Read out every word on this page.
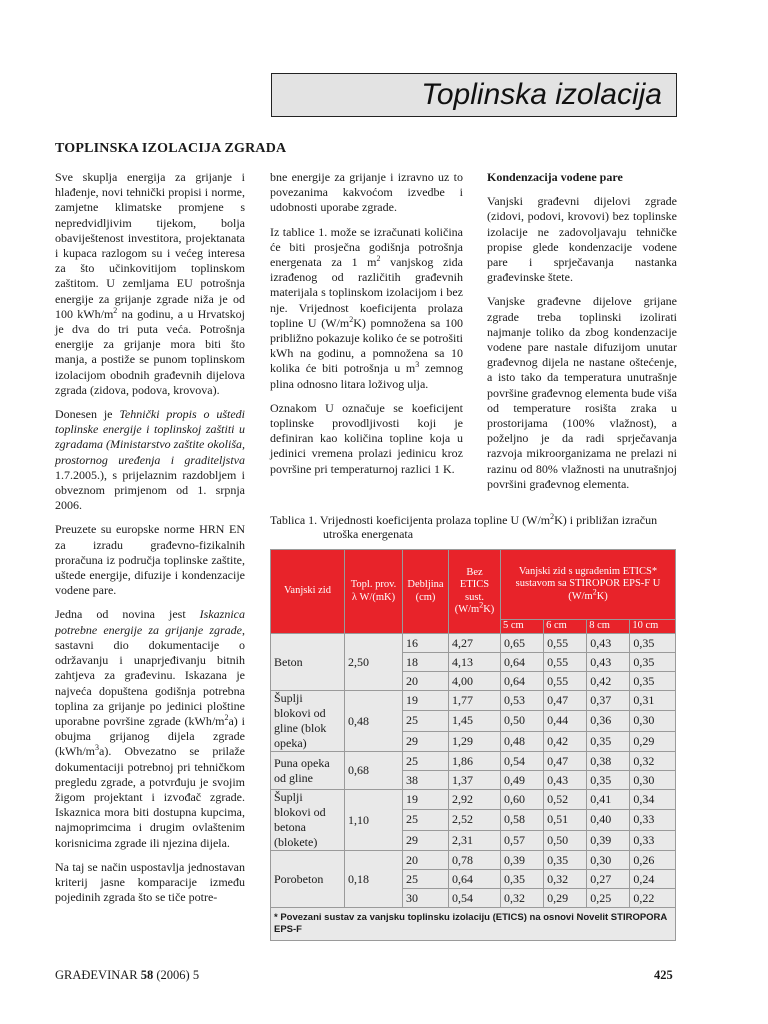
Toplinska izolacija
TOPLINSKA IZOLACIJA ZGRADA

Sve skuplja energija za grijanje i hlađenje, novi tehnički propisi i norme, zamjetne klimatske promjene s nepredvidljivim tijekom, bolja obaviještenost investitora, projektanata i kupaca razlogom su i većeg interesa za što učinkovitijom toplinskom zaštitom. U zemljama EU potrošnja energije za grijanje zgrade niža je od 100 kWh/$m^2$ na godinu, a u Hrvatskoj je dva do tri puta veća. Potrošnja energije za grijanje mora biti što manja, a postiže se punom toplinskom izolacijom obodnih građevnih dijelova zgrada (zidova, podova, krovova).

Donesen je Tehnički propis o uštedi toplinske energije i toplinskoj zaštiti u zgradama (Ministarstvo zaštite okoliša, prostornog uređenja i graditeljstva 1.7.2005.), s prijelaznim razdobljem i obveznom primjenom od 1. srpnja 2006.

Preuzete su europske norme HRN EN za izradu građevno-fizikalnih proračuna iz područja toplinske zaštite, uštede energije, difuzije i kondenzacije vodene pare.

Jedna od novina jest Iskaznica potrebne energije za grijanje zgrade, sastavni dio dokumentacije o održavanju i unaprjeđivanju bitnih zahtjeva za građevinu. Iskazana je najveća dopuštena godišnja potrebna toplina za grijanje po jedinici ploštine uporabne površine zgrade $(kWh/m^2a)$ i obujma grijanog dijela zgrade $(kWh/m^3a)$. Obvezatno se prilaže dokumentaciji potrebnoj pri tehničkom pregledu zgrade, a potvrđuju je svojim žigom projektant i izvođač zgrade. Iskaznica mora biti dostupna kupcima, najmoprimcima i drugim ovlaštenim korisnicima zgrade ili njezina dijela.

Na taj se način uspostavlja jednostavan kriterij jasne komparacije između pojedinih zgrada što se tiče potre-

bne energije za grijanje i izravno uz to povezanima kakvoćom izvedbe i udobnosti uporabe zgrade.

Iz tablice 1. može se izračunati količina će biti prosječna godišnja potrošnja energenata za 1 $m^2$ vanjskog zida izrađenog od različitih građevnih materijala s toplinskom izolacijom i bez nje. Vrijednost koeficijenta prolaza topline U $(W/m^2K)$ pomnožena sa 100 približno pokazuje koliko će se potrošiti kWh na godinu, a pomnožena sa 10 kolika će biti potrošnja u $m^3$ zemnog plina odnosno litara loživog ulja.

Oznakom U označuje se koeficijent toplinske provodljivosti koji je definiran kao količina topline koja u jedinici vremena prolazi jedinicu kroz površine pri temperaturnoj razlici 1 K.

Kondenzacija vodene pare

Vanjski građevni dijelovi zgrade (zidovi, podovi, krovovi) bez toplinske izolacije ne zadovoljavaju tehničke propise glede kondenzacije vodene pare i sprječavanja nastanka građevinske štete.

Vanjske građevne dijelove grijane zgrade treba toplinski izolirati najmanje toliko da zbog kondenzacije vodene pare nastale difuzijom unutar građevnog dijela ne nastane oštećenje, a isto tako da temperatura unutrašnje površine građevnog elementa bude viša od temperature rosišta zraka u prostorijama (100% vlažnost), a poželjno je da radi sprječavanja razvoja mikroorganizama ne prelazi ni razinu od 80% vlažnosti na unutrašnjoj površini građevnog elementa.

Tablica 1. Vrijednosti koeficijenta prolaza topline U $(W/m^2K)$ i približan izračun
utroška energenata
Vanjski zid	Topl. prov. λ W/(mK)	Debljina (cm)	Bez ETICS sust. $(W/m^2K)$	Vanjski zid s ugrađenim ETICS* sustavom sa STIROPOR EPS-F U $(W/m^2K)$			
				5 cm	6 cm	8 cm	10 cm
Beton	2,50	16	4,27	0,65	0,55	0,43	0,35
		18	4,13	0,64	0,55	0,43	0,35
		20	4,00	0,64	0,55	0,42	0,35
Šuplji blokovi od gline (blok opeka)	0,48	19	1,77	0,53	0,47	0,37	0,31
		25	1,45	0,50	0,44	0,36	0,30
		29	1,29	0,48	0,42	0,35	0,29
Puna opeka od gline	0,68	25	1,86	0,54	0,47	0,38	0,32
		38	1,37	0,49	0,43	0,35	0,30
Šuplji blokovi od betona (blokete)	1,10	19	2,92	0,60	0,52	0,41	0,34
		25	2,52	0,58	0,51	0,40	0,33
		29	2,31	0,57	0,50	0,39	0,33
Porobeton	0,18	20	0,78	0,39	0,35	0,30	0,26
		25	0,64	0,35	0,32	0,27	0,24
		30	0,54	0,32	0,29	0,25	0,22
* Povezani sustav za vanjsku toplinsku izolaciju (ETICS) na osnovi Novelit STIROPORA EPS-F							
GRAĐEVINAR 58 (2006) 5	425
